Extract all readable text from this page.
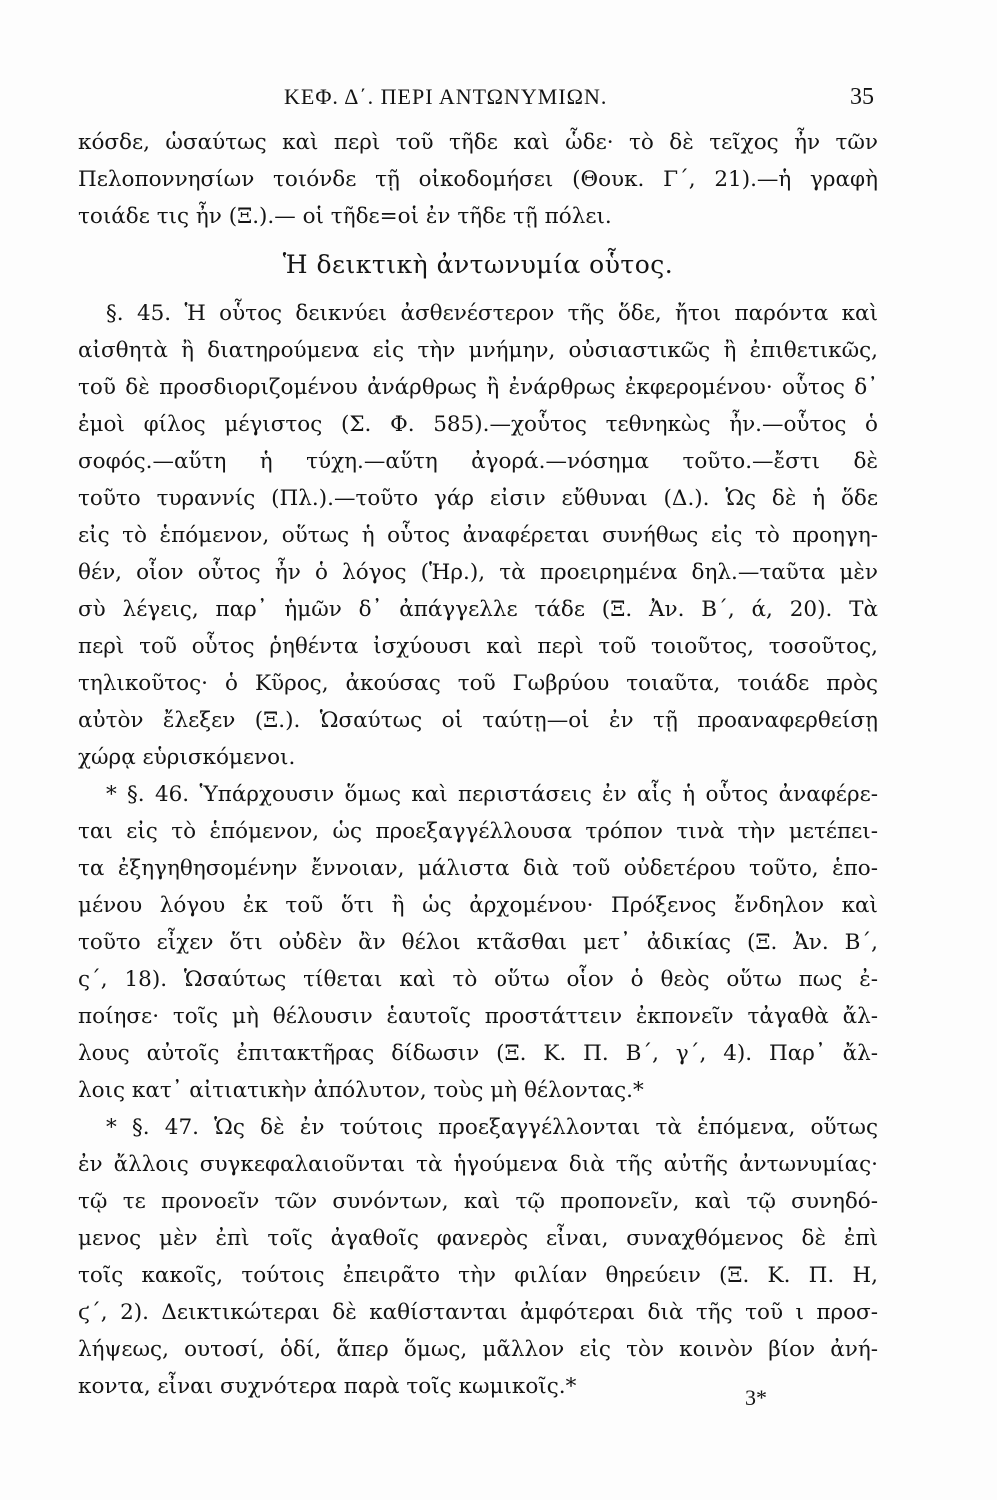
ΚΕΦ. Δ΄. ΠΕΡΙ ΑΝΤΩΝΥΜΙΩΝ.	35
κόσδε, ὡσαύτως καὶ περὶ τοῦ τῆδε καὶ ὧδε· τὸ δὲ τεῖχος ἦν τῶν
Πελοποννησίων τοιόνδε τῇ οἰκοδομήσει (Θουκ. Γ΄, 21).—ἡ γραφὴ
τοιάδε τις ἦν (Ξ.).— οἱ τῆδε=οἱ ἐν τῆδε τῇ πόλει.
Ἡ δεικτικὴ ἀντωνυμία οὗτος.
§. 45. Ἡ οὗτος δεικνύει ἀσθενέστερον τῆς ὅδε, ἤτοι παρόντα καὶ
αἰσθητὰ ἢ διατηρούμενα εἰς τὴν μνήμην, οὐσιαστικῶς ἢ ἐπιθετικῶς,
τοῦ δὲ προσδιοριζομένου ἀνάρθρως ἢ ἐνάρθρως ἐκφερομένου· οὗτος δ᾽
ἐμοὶ φίλος μέγιστος (Σ. Φ. 585).—χοὗτος τεθνηκὼς ἦν.—οὗτος ὁ
σοφός.—αὕτη ἡ τύχη.—αὕτη ἀγορά.—νόσημα τοῦτο.—ἔστι δὲ
τοῦτο τυραννίς (Πλ.).—τοῦτο γάρ εἰσιν εὔθυναι (Δ.). Ὡς δὲ ἡ ὅδε
εἰς τὸ ἑπόμενον, οὕτως ἡ οὗτος ἀναφέρεται συνήθως εἰς τὸ προηγη-
θέν, οἷον οὗτος ἦν ὁ λόγος (Ἡρ.), τὰ προειρημένα δηλ.—ταῦτα μὲν
σὺ λέγεις, παρ᾽ ἡμῶν δ᾽ ἀπάγγελλε τάδε (Ξ. Ἀν. Β΄, ά, 20). Τὰ
περὶ τοῦ οὗτος ῥηθέντα ἰσχύουσι καὶ περὶ τοῦ τοιοῦτος, τοσοῦτος,
τηλικοῦτος· ὁ Κῦρος, ἀκούσας τοῦ Γωβρύου τοιαῦτα, τοιάδε πρὸς
αὐτὸν ἔλεξεν (Ξ.). Ὡσαύτως οἱ ταύτῃ—οἱ ἐν τῇ προαναφερθείσῃ
χώρᾳ εὑρισκόμενοι.
* §. 46. Ὑπάρχουσιν ὅμως καὶ περιστάσεις ἐν αἷς ἡ οὗτος ἀναφέρε-
ται εἰς τὸ ἑπόμενον, ὡς προεξαγγέλλουσα τρόπον τινὰ τὴν μετέπει-
τα ἐξηγηθησομένην ἔννοιαν, μάλιστα διὰ τοῦ οὐδετέρου τοῦτο, ἑπο-
μένου λόγου ἐκ τοῦ ὅτι ἢ ὡς ἀρχομένου· Πρόξενος ἔνδηλον καὶ
τοῦτο εἶχεν ὅτι οὐδὲν ἂν θέλοι κτᾶσθαι μετ᾽ ἀδικίας (Ξ. Ἀν. Β΄,
ς΄, 18). Ὡσαύτως τίθεται καὶ τὸ οὕτω οἷον ὁ θεὸς οὕτω πως ἐ-
ποίησε· τοῖς μὴ θέλουσιν ἑαυτοῖς προστάττειν ἐκπονεῖν τἀγαθὰ ἄλ-
λους αὐτοῖς ἐπιτακτῆρας δίδωσιν (Ξ. Κ. Π. Β΄, γ΄, 4). Παρ᾽ ἄλ-
λοις κατ᾽ αἰτιατικὴν ἀπόλυτον, τοὺς μὴ θέλοντας.*
* §. 47. Ὡς δὲ ἐν τούτοις προεξαγγέλλονται τὰ ἑπόμενα, οὕτως
ἐν ἄλλοις συγκεφαλαιοῦνται τὰ ἡγούμενα διὰ τῆς αὐτῆς ἀντωνυμίας·
τῷ τε προνοεῖν τῶν συνόντων, καὶ τῷ προπονεῖν, καὶ τῷ συνηδό-
μενος μὲν ἐπὶ τοῖς ἀγαθοῖς φανερὸς εἶναι, συναχθόμενος δὲ ἐπὶ
τοῖς κακοῖς, τούτοις ἐπειρᾶτο τὴν φιλίαν θηρεύειν (Ξ. Κ. Π. Η,
ϛ΄, 2). Δεικτικώτεραι δὲ καθίστανται ἀμφότεραι διὰ τῆς τοῦ ι προσ-
λήψεως, ουτοσί, ὁδί, ἅπερ ὅμως, μᾶλλον εἰς τὸν κοινὸν βίον ἀνή-
κοντα, εἶναι συχνότερα παρὰ τοῖς κωμικοῖς.*	3*
